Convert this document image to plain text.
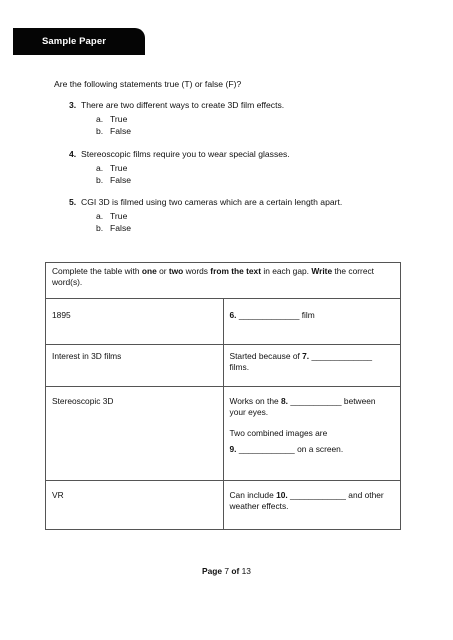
Sample Paper
Are the following statements true (T) or false (F)?
3. There are two different ways to create 3D film effects.
a. True
b. False
4. Stereoscopic films require you to wear special glasses.
a. True
b. False
5. CGI 3D is filmed using two cameras which are a certain length apart.
a. True
b. False
Complete the table with one or two words from the text in each gap. Write the correct word(s).	
1895	6. _____________ film
Interest in 3D films	Started because of 7. _____________
films.
Stereoscopic 3D	Works on the 8. ___________ between your eyes.
Two combined images are
9. ____________ on a screen.

VR	Can include 10. ____________ and other weather effects.
Page 7 of 13
